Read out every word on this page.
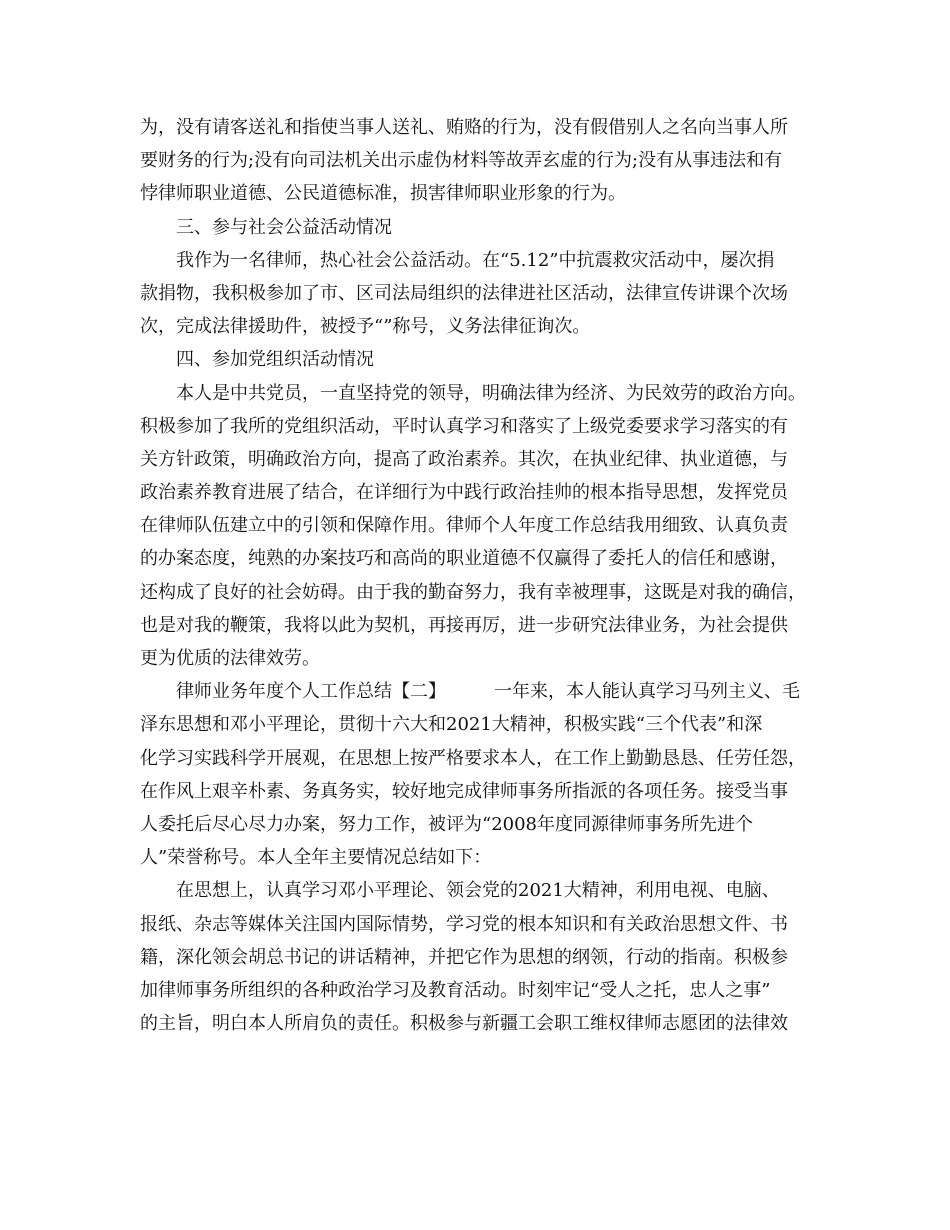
为，没有请客送礼和指使当事人送礼、贿赂的行为，没有假借别人之名向当事人所
要财务的行为;没有向司法机关出示虚伪材料等故弄玄虚的行为;没有从事违法和有
悖律师职业道德、公民道德标准，损害律师职业形象的行为。
三、参与社会公益活动情况
我作为一名律师，热心社会公益活动。在“5.12”中抗震救灾活动中，屡次捐
款捐物，我积极参加了市、区司法局组织的法律进社区活动，法律宣传讲课个次场
次，完成法律援助件，被授予“”称号，义务法律征询次。
四、参加党组织活动情况
本人是中共党员，一直坚持党的领导，明确法律为经济、为民效劳的政治方向。
积极参加了我所的党组织活动，平时认真学习和落实了上级党委要求学习落实的有
关方针政策，明确政治方向，提高了政治素养。其次，在执业纪律、执业道德，与
政治素养教育进展了结合，在详细行为中践行政治挂帅的根本指导思想，发挥党员
在律师队伍建立中的引领和保障作用。律师个人年度工作总结我用细致、认真负责
的办案态度，纯熟的办案技巧和高尚的职业道德不仅赢得了委托人的信任和感谢，
还构成了良好的社会妨碍。由于我的勤奋努力，我有幸被理事，这既是对我的确信，
也是对我的鞭策，我将以此为契机，再接再厉，进一步研究法律业务，为社会提供
更为优质的法律效劳。
律师业务年度个人工作总结【二】	一年来，本人能认真学习马列主义、毛
泽东思想和邓小平理论，贯彻十六大和2021大精神，积极实践“三个代表”和深
化学习实践科学开展观，在思想上按严格要求本人，在工作上勤勤恳恳、任劳任怨，
在作风上艰辛朴素、务真务实，较好地完成律师事务所指派的各项任务。接受当事
人委托后尽心尽力办案，努力工作，被评为“2008年度同源律师事务所先进个
人”荣誉称号。本人全年主要情况总结如下：
在思想上，认真学习邓小平理论、领会党的2021大精神，利用电视、电脑、
报纸、杂志等媒体关注国内国际情势，学习党的根本知识和有关政治思想文件、书
籍，深化领会胡总书记的讲话精神，并把它作为思想的纲领，行动的指南。积极参
加律师事务所组织的各种政治学习及教育活动。时刻牢记“受人之托，忠人之事”
的主旨，明白本人所肩负的责任。积极参与新疆工会职工维权律师志愿团的法律效
